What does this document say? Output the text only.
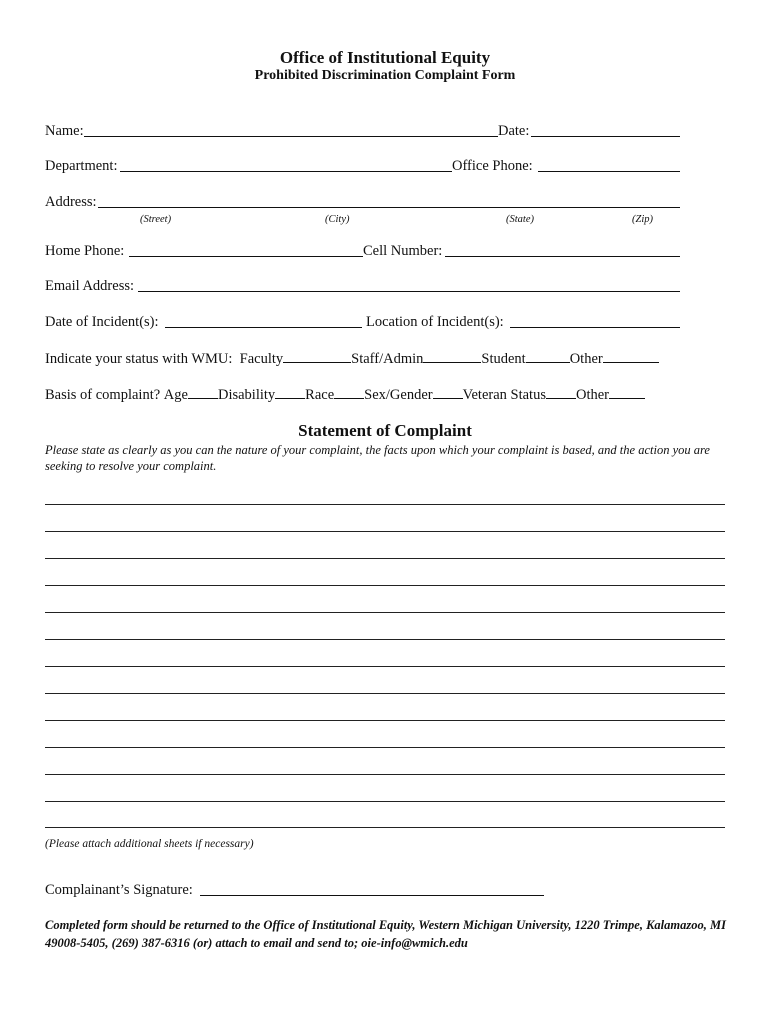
Office of Institutional Equity
Prohibited Discrimination Complaint Form
Name:	Date:
Department:	Office Phone:
Address:
(Street)	(City)	(State)	(Zip)
Home Phone:	Cell Number:
Email Address:
Date of Incident(s):	Location of Incident(s):
Indicate your status with WMU: Faculty	Staff/Admin	Student	Other
Basis of complaint? Age Disability Race Sex/Gender Veteran Status Other
Statement of Complaint
Please state as clearly as you can the nature of your complaint, the facts upon which your complaint is based, and the action you are seeking to resolve your complaint.
(Please attach additional sheets if necessary)
Complainant’s Signature:
Completed form should be returned to the Office of Institutional Equity, Western Michigan University, 1220 Trimpe, Kalamazoo, MI 49008-5405, (269) 387-6316 (or) attach to email and send to; oie-info@wmich.edu
